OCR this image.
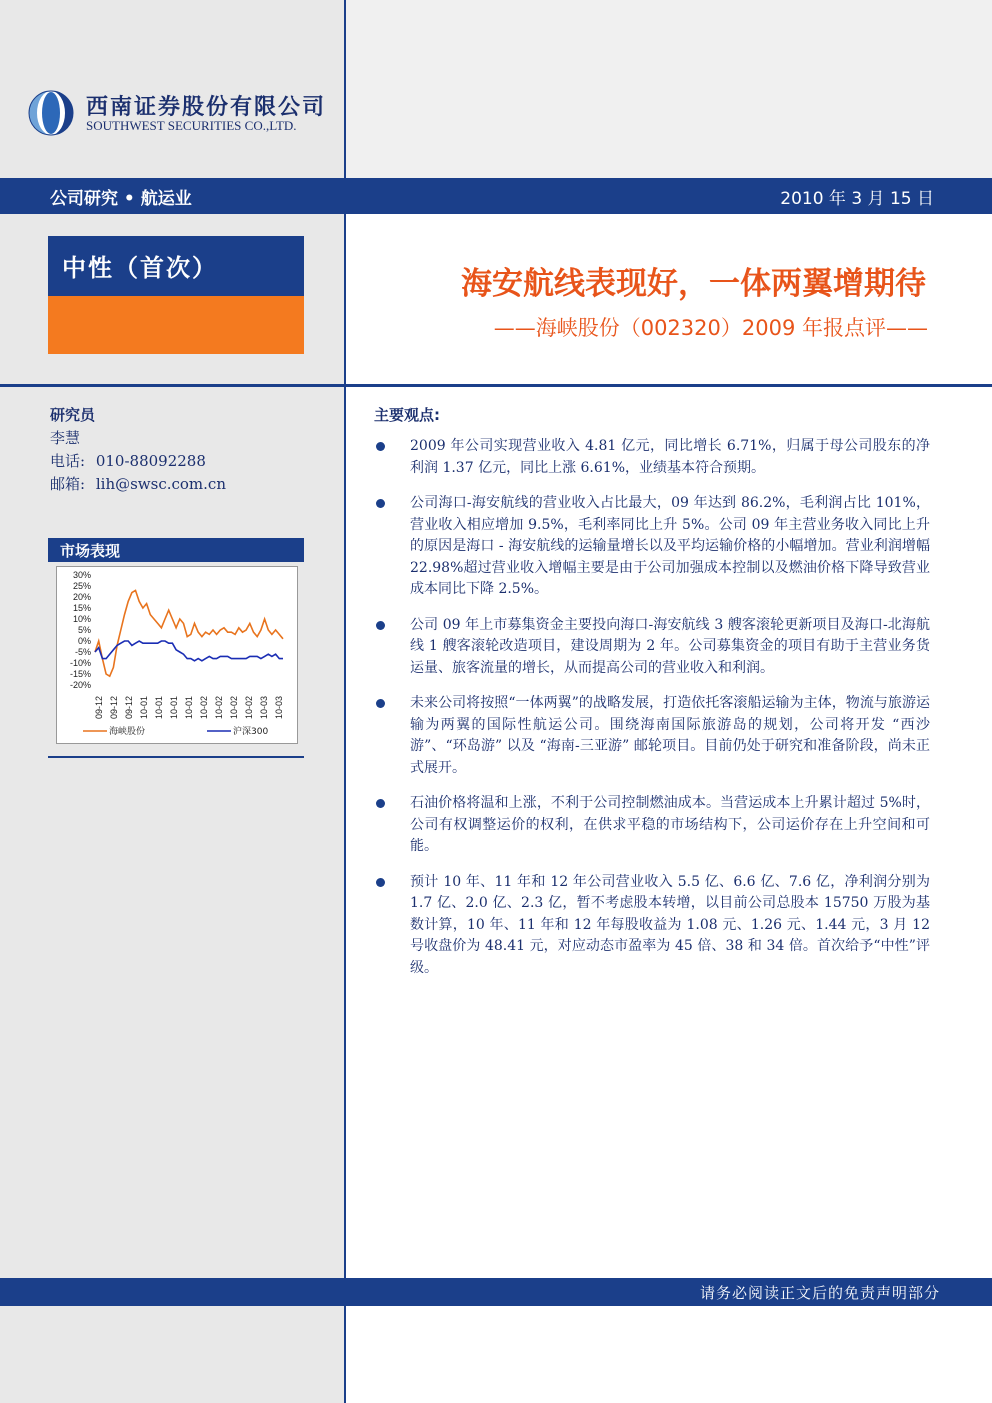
西南证券股份有限公司
SOUTHWEST SECURITIES CO.,LTD.
公司研究 • 航运业	2010 年 3 月 15 日
中性（首次）	海安航线表现好，一体两翼增期待
——海峡股份（002320）2009 年报点评——
研究员
李慧
电话: 010-88092288
邮箱: lih@swsc.com.cn
市场表现
30%
25%
20%
15%
10%
5%
0%
-5%
-10%
-15%
-20%
09-12 09-12 09-12 10-01 10-01 10-01 10-01 10-02 10-02 10-02 10-02 10-03 10-03
海峡股份	沪深300
主要观点:
2009 年公司实现营业收入 4.81 亿元，同比增长 6.71%，归属于母公司股东的净利润 1.37 亿元，同比上涨 6.61%，业绩基本符合预期。
公司海口-海安航线的营业收入占比最大，09 年达到 86.2%，毛利润占比 101%，营业收入相应增加 9.5%，毛利率同比上升 5%。公司 09 年主营业务收入同比上升的原因是海口 - 海安航线的运输量增长以及平均运输价格的小幅增加。营业利润增幅 22.98%超过营业收入增幅主要是由于公司加强成本控制以及燃油价格下降导致营业成本同比下降 2.5%。
公司 09 年上市募集资金主要投向海口-海安航线 3 艘客滚轮更新项目及海口-北海航线 1 艘客滚轮改造项目，建设周期为 2 年。公司募集资金的项目有助于主营业务货运量、旅客流量的增长，从而提高公司的营业收入和利润。
未来公司将按照“一体两翼”的战略发展，打造依托客滚船运输为主体，物流与旅游运输为两翼的国际性航运公司。围绕海南国际旅游岛的规划，公司将开发 “西沙游”、“环岛游” 以及 “海南-三亚游” 邮轮项目。目前仍处于研究和准备阶段，尚未正式展开。
石油价格将温和上涨，不利于公司控制燃油成本。当营运成本上升累计超过 5%时，公司有权调整运价的权利，在供求平稳的市场结构下，公司运价存在上升空间和可能。
预计 10 年、11 年和 12 年公司营业收入 5.5 亿、6.6 亿、7.6 亿，净利润分别为 1.7 亿、2.0 亿、2.3 亿，暂不考虑股本转增，以目前公司总股本 15750 万股为基数计算，10 年、11 年和 12 年每股收益为 1.08 元、1.26 元、1.44 元，3 月 12 号收盘价为 48.41 元，对应动态市盈率为 45 倍、38 和 34 倍。首次给予“中性”评级。
请务必阅读正文后的免责声明部分
